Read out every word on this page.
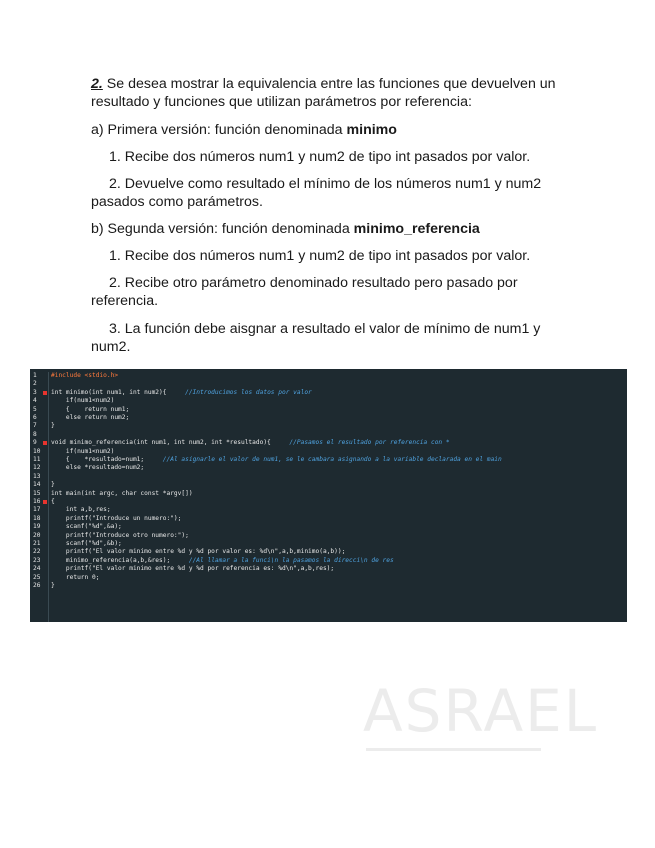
2. Se desea mostrar la equivalencia entre las funciones que devuelven un resultado y funciones que utilizan parámetros por referencia:

a) Primera versión: función denominada minimo

1. Recibe dos números num1 y num2 de tipo int pasados por valor.

2. Devuelve como resultado el mínimo de los números num1 y num2 pasados como parámetros.

b) Segunda versión: función denominada minimo_referencia

1. Recibe dos números num1 y num2 de tipo int pasados por valor.

2. Recibe otro parámetro denominado resultado pero pasado por referencia.

3. La función debe aisgnar a resultado el valor de mínimo de num1 y num2.

1	#include <stdio.h>
2
3	int minimo(int num1, int num2){     //Introducimos los datos por valor
4	if(num1<num2)
5	{    return num1;
6	else return num2;
7	}
8
9	void minimo_referencia(int num1, int num2, int *resultado){     //Pasamos el resultado por referencia con *
10	if(num1<num2)
11	{    *resultado=num1;     //Al asignarle el valor de num1, se le cambara asignando a la variable declarada en el main
12	else *resultado=num2;
13
14	}
15	int main(int argc, char const *argv[])
16	{
17	int a,b,res;
18	printf("Introduce un numero:");
19	scanf("%d",&a);
20	printf("Introduce otro numero:");
21	scanf("%d",&b);
22	printf("El valor minimo entre %d y %d por valor es: %d\n",a,b,minimo(a,b));
23	minimo_referencia(a,b,&res);     //Al llamar a la funci\n la pasamos la direcci\n de res
24	printf("El valor minimo entre %d y %d por referencia es: %d\n",a,b,res);
25	return 0;
26	}
ASRAEL
